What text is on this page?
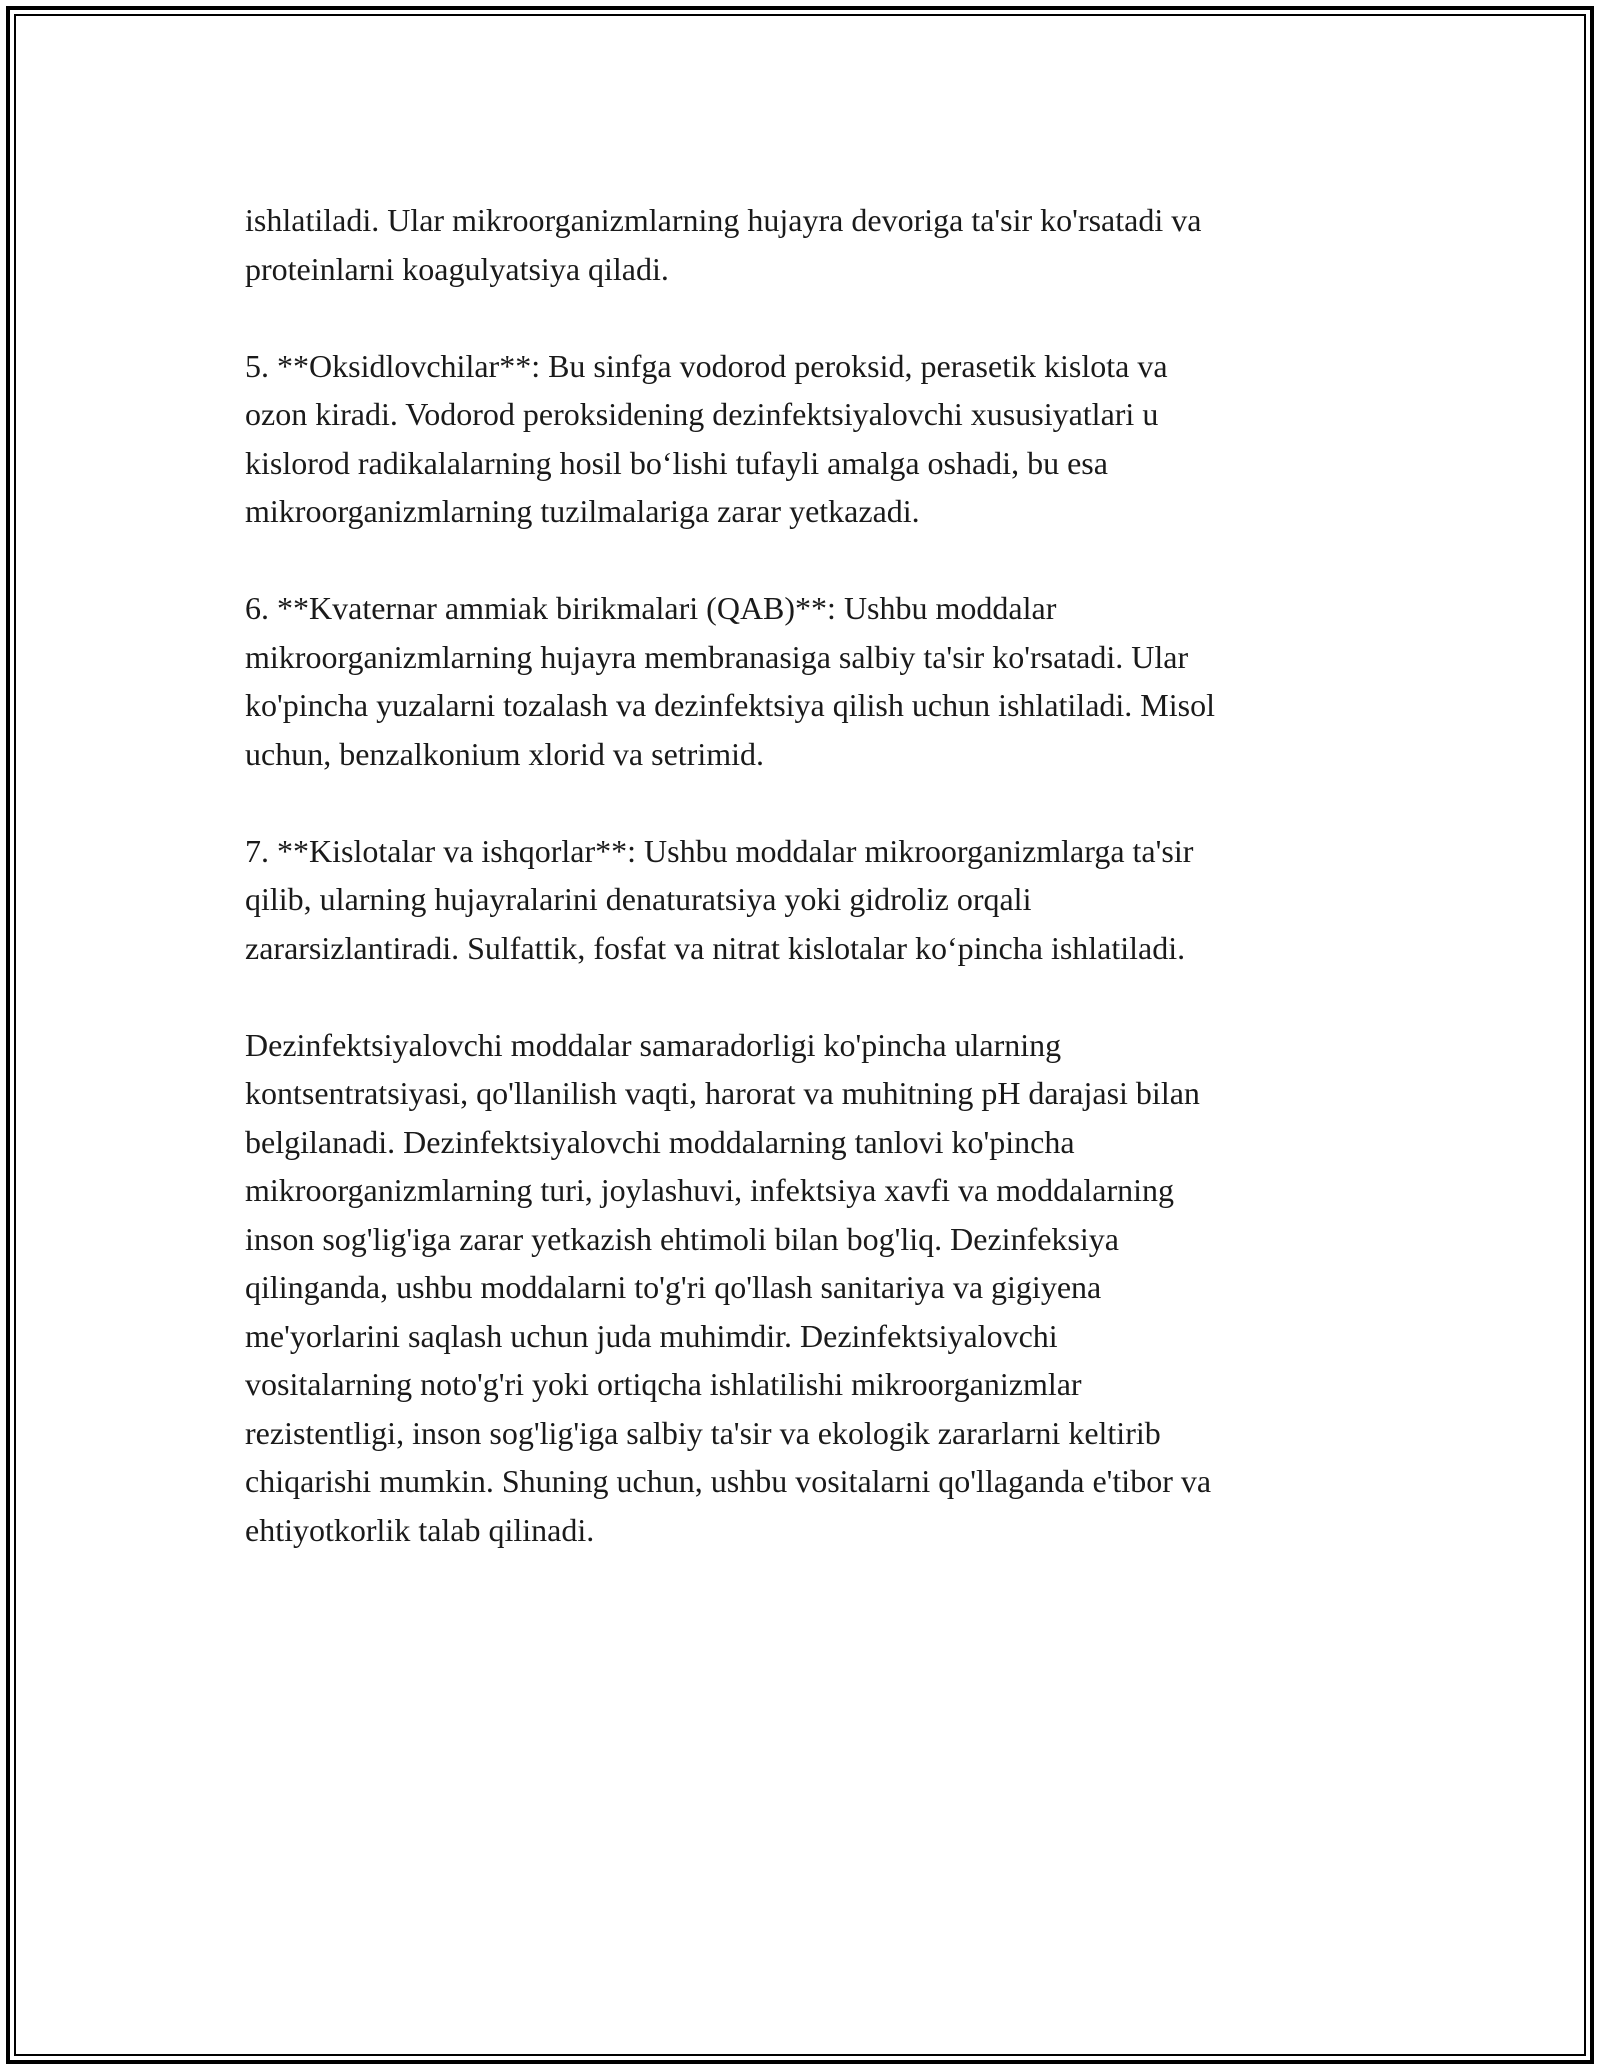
ishlatiladi. Ular mikroorganizmlarning hujayra devoriga ta'sir ko'rsatadi va
proteinlarni koagulyatsiya qiladi.

5. **Oksidlovchilar**: Bu sinfga vodorod peroksid, perasetik kislota va
ozon kiradi. Vodorod peroksidening dezinfektsiyalovchi xususiyatlari u
kislorod radikalalarning hosil bo‘lishi tufayli amalga oshadi, bu esa
mikroorganizmlarning tuzilmalariga zarar yetkazadi.

6. **Kvaternar ammiak birikmalari (QAB)**: Ushbu moddalar
mikroorganizmlarning hujayra membranasiga salbiy ta'sir ko'rsatadi. Ular
ko'pincha yuzalarni tozalash va dezinfektsiya qilish uchun ishlatiladi. Misol
uchun, benzalkonium xlorid va setrimid.

7. **Kislotalar va ishqorlar**: Ushbu moddalar mikroorganizmlarga ta'sir
qilib, ularning hujayralarini denaturatsiya yoki gidroliz orqali
zararsizlantiradi. Sulfattik, fosfat va nitrat kislotalar ko‘pincha ishlatiladi.

Dezinfektsiyalovchi moddalar samaradorligi ko'pincha ularning
kontsentratsiyasi, qo'llanilish vaqti, harorat va muhitning pH darajasi bilan
belgilanadi. Dezinfektsiyalovchi moddalarning tanlovi ko'pincha
mikroorganizmlarning turi, joylashuvi, infektsiya xavfi va moddalarning
inson sog'lig'iga zarar yetkazish ehtimoli bilan bog'liq. Dezinfeksiya
qilinganda, ushbu moddalarni to'g'ri qo'llash sanitariya va gigiyena
me'yorlarini saqlash uchun juda muhimdir. Dezinfektsiyalovchi
vositalarning noto'g'ri yoki ortiqcha ishlatilishi mikroorganizmlar
rezistentligi, inson sog'lig'iga salbiy ta'sir va ekologik zararlarni keltirib
chiqarishi mumkin. Shuning uchun, ushbu vositalarni qo'llaganda e'tibor va
ehtiyotkorlik talab qilinadi.
